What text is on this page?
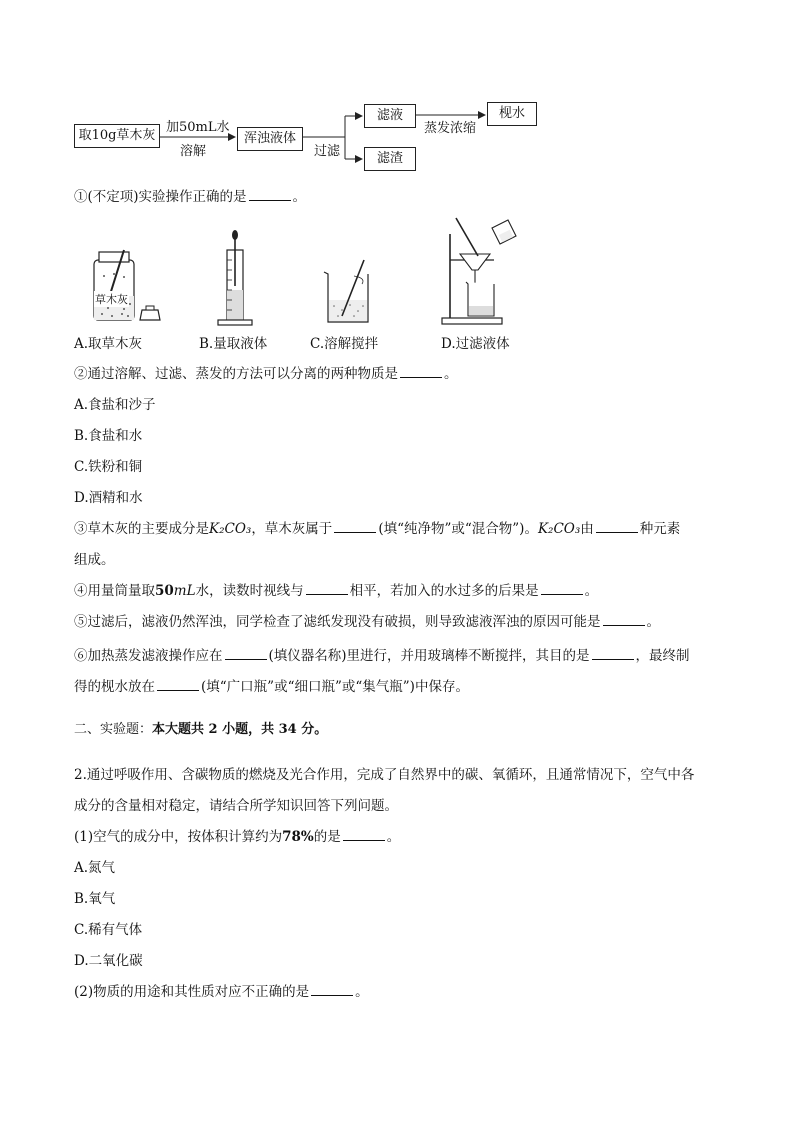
取10g草木灰
加50mL水
溶解
浑浊液体
过滤
滤液
滤渣
蒸发浓缩
枧水
①(不定项)实验操作正确的是	。
草木灰
A.取草木灰	B.量取液体	C.溶解搅拌	D.过滤液体
②通过溶解、过滤、蒸发的方法可以分离的两种物质是	。
A.食盐和沙子
B.食盐和水
C.铁粉和铜
D.酒精和水
③草木灰的主要成分是K₂CO₃，草木灰属于	(填“纯净物”或“混合物”)。K₂CO₃由	种元素
组成。
④用量筒量取50mL水，读数时视线与	相平，若加入的水过多的后果是	。
⑤过滤后，滤液仍然浑浊，同学检查了滤纸发现没有破损，则导致滤液浑浊的原因可能是	。
⑥加热蒸发滤液操作应在	(填仪器名称)里进行，并用玻璃棒不断搅拌，其目的是	，最终制
得的枧水放在	(填“广口瓶”或“细口瓶”或“集气瓶”)中保存。
二、实验题：本大题共 2 小题，共 34 分。
2.通过呼吸作用、含碳物质的燃烧及光合作用，完成了自然界中的碳、氧循环，且通常情况下，空气中各
成分的含量相对稳定，请结合所学知识回答下列问题。
(1)空气的成分中，按体积计算约为78%的是	。
A.氮气
B.氧气
C.稀有气体
D.二氧化碳
(2)物质的用途和其性质对应不正确的是	。
